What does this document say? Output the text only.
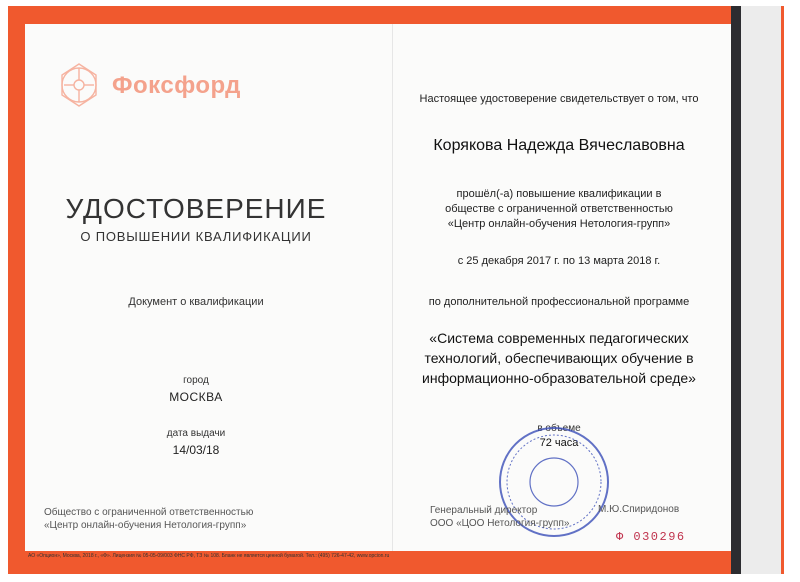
Фоксфорд
УДОСТОВЕРЕНИЕ
О ПОВЫШЕНИИ КВАЛИФИКАЦИИ
Документ о квалификации
город
МОСКВА
дата выдачи
14/03/18
Общество с ограниченной ответственностью
«Центр онлайн-обучения Нетология-групп»
АО «Опцион», Москва, 2018 г., «Ф». Лицензия № 05-05-09/003 ФНС РФ, ТЗ № 108. Бланк не является ценной бумагой. Тел.: (495) 726-47-42, www.opcion.ru
Настоящее удостоверение свидетельствует о том, что
Корякова Надежда Вячеславовна
прошёл(-а) повышение квалификации в
обществе с ограниченной ответственностью
«Центр онлайн-обучения Нетология-групп»
с 25 декабря 2017 г. по 13 марта 2018 г.
по дополнительной профессиональной программе
«Система современных педагогических
технологий, обеспечивающих обучение в
информационно-образовательной среде»
в объеме
72 часа
Генеральный директор
ООО «ЦОО Нетология-групп»
М.Ю.Спиридонов
Ф 030296
